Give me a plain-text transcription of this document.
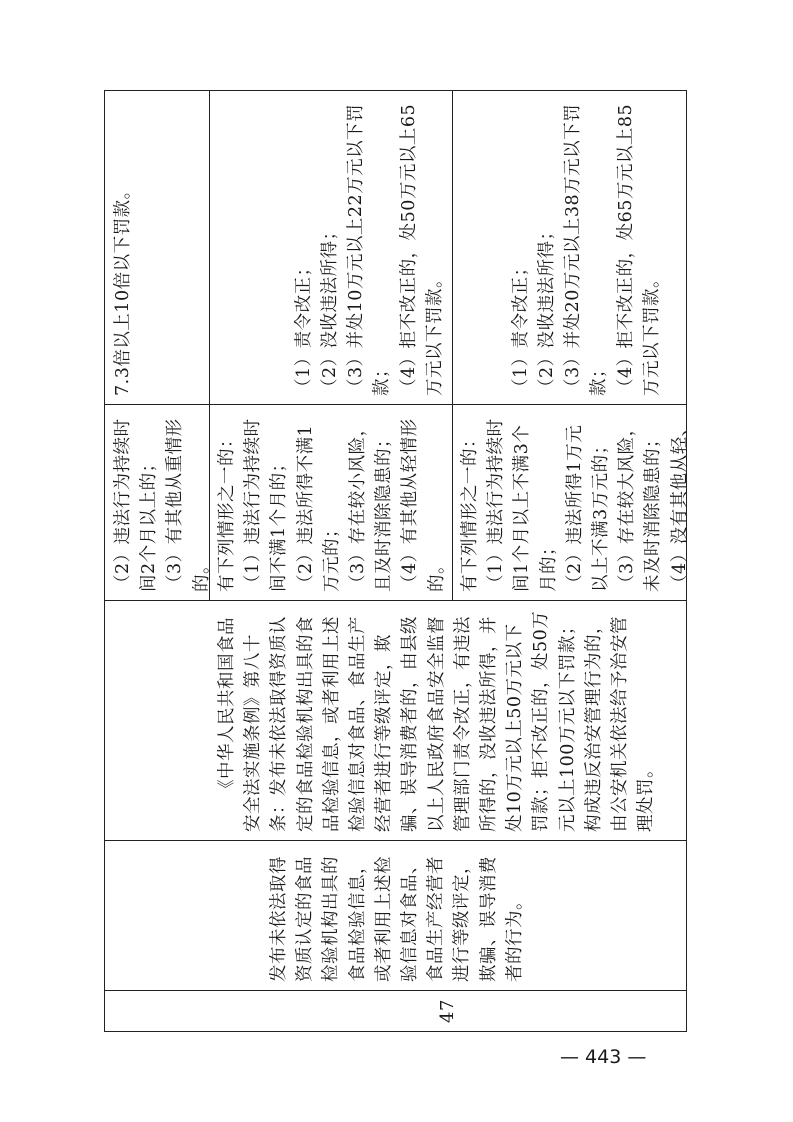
47

发布未依法取得资质认定的食品检验机构出具的食品检验信息，或者利用上述检验信息对食品、食品生产经营者进行等级评定，欺骗、误导消费者的行为。

《中华人民共和国食品安全法实施条例》第八十条：发布未依法取得资质认定的食品检验机构出具的食品检验信息，或者利用上述检验信息对食品、食品生产经营者进行等级评定，欺骗、误导消费者的，由县级以上人民政府食品安全监督管理部门责令改正，有违法所得的，没收违法所得，并处10万元以上50万元以下罚款；拒不改正的，处50万元以上100万元以下罚款；构成违反治安管理行为的，由公安机关依法给予治安管理处罚。

（2）违法行为持续时间2个月以上的； （3）有其他从重情形的。

7.3倍以上10倍以下罚款。

有下列情形之一的： （1）违法行为持续时间不满1个月的； （2）违法所得不满1万元的； （3）存在较小风险，且及时消除隐患的； （4）有其他从轻情形的。

（1）责令改正； （2）没收违法所得； （3）并处10万元以上22万元以下罚款； （4）拒不改正的，处50万元以上65万元以下罚款。

有下列情形之一的： （1）违法行为持续时间1个月以上不满3个月的； （2）违法所得1万元以上不满3万元的； （3）存在较大风险，未及时消除隐患的； （4）没有其他从轻、

（1）责令改正； （2）没收违法所得； （3）并处20万元以上38万元以下罚款； （4）拒不改正的，处65万元以上85万元以下罚款。

— 443 —
